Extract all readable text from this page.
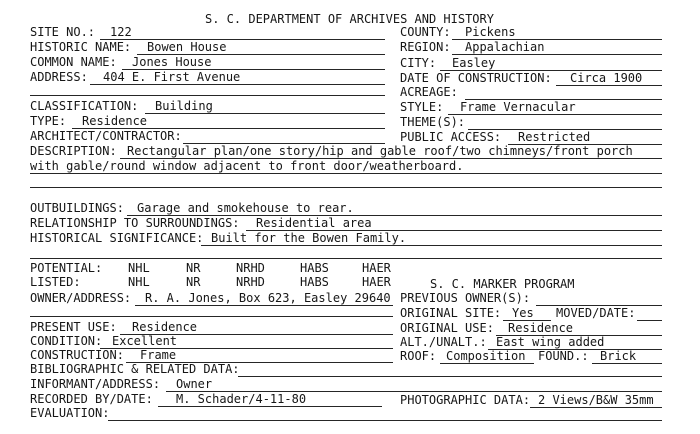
S. C. DEPARTMENT OF ARCHIVES AND HISTORY
SITE NO.: 122	COUNTY: Pickens
HISTORIC NAME: Bowen House	REGION: Appalachian
COMMON NAME: Jones House	CITY: Easley
ADDRESS: 404 E. First Avenue	DATE OF CONSTRUCTION: Circa 1900
ACREAGE:
CLASSIFICATION: Building	STYLE: Frame Vernacular
TYPE: Residence	THEME(S):
ARCHITECT/CONTRACTOR:	PUBLIC ACCESS: Restricted
DESCRIPTION: Rectangular plan/one story/hip and gable roof/two chimneys/front porch
with gable/round window adjacent to front door/weatherboard.
OUTBUILDINGS: Garage and smokehouse to rear.
RELATIONSHIP TO SURROUNDINGS: Residential area
HISTORICAL SIGNIFICANCE: Built for the Bowen Family.
POTENTIAL: NHL	NR	NRHD	HABS	HAER
LISTED:	NHL	NR	NRHD	HABS	HAER	S. C. MARKER PROGRAM
OWNER/ADDRESS: R. A. Jones, Box 623, Easley 29640 PREVIOUS OWNER(S):
ORIGINAL SITE: Yes MOVED/DATE:
PRESENT USE: Residence	ORIGINAL USE: Residence
CONDITION: Excellent	ALT./UNALT.: East wing added
CONSTRUCTION: Frame	ROOF: Composition FOUND.: Brick
BIBLIOGRAPHIC & RELATED DATA:
INFORMANT/ADDRESS: Owner
RECORDED BY/DATE: M. Schader/4-11-80	PHOTOGRAPHIC DATA: 2 Views/B&W 35mm
EVALUATION:
